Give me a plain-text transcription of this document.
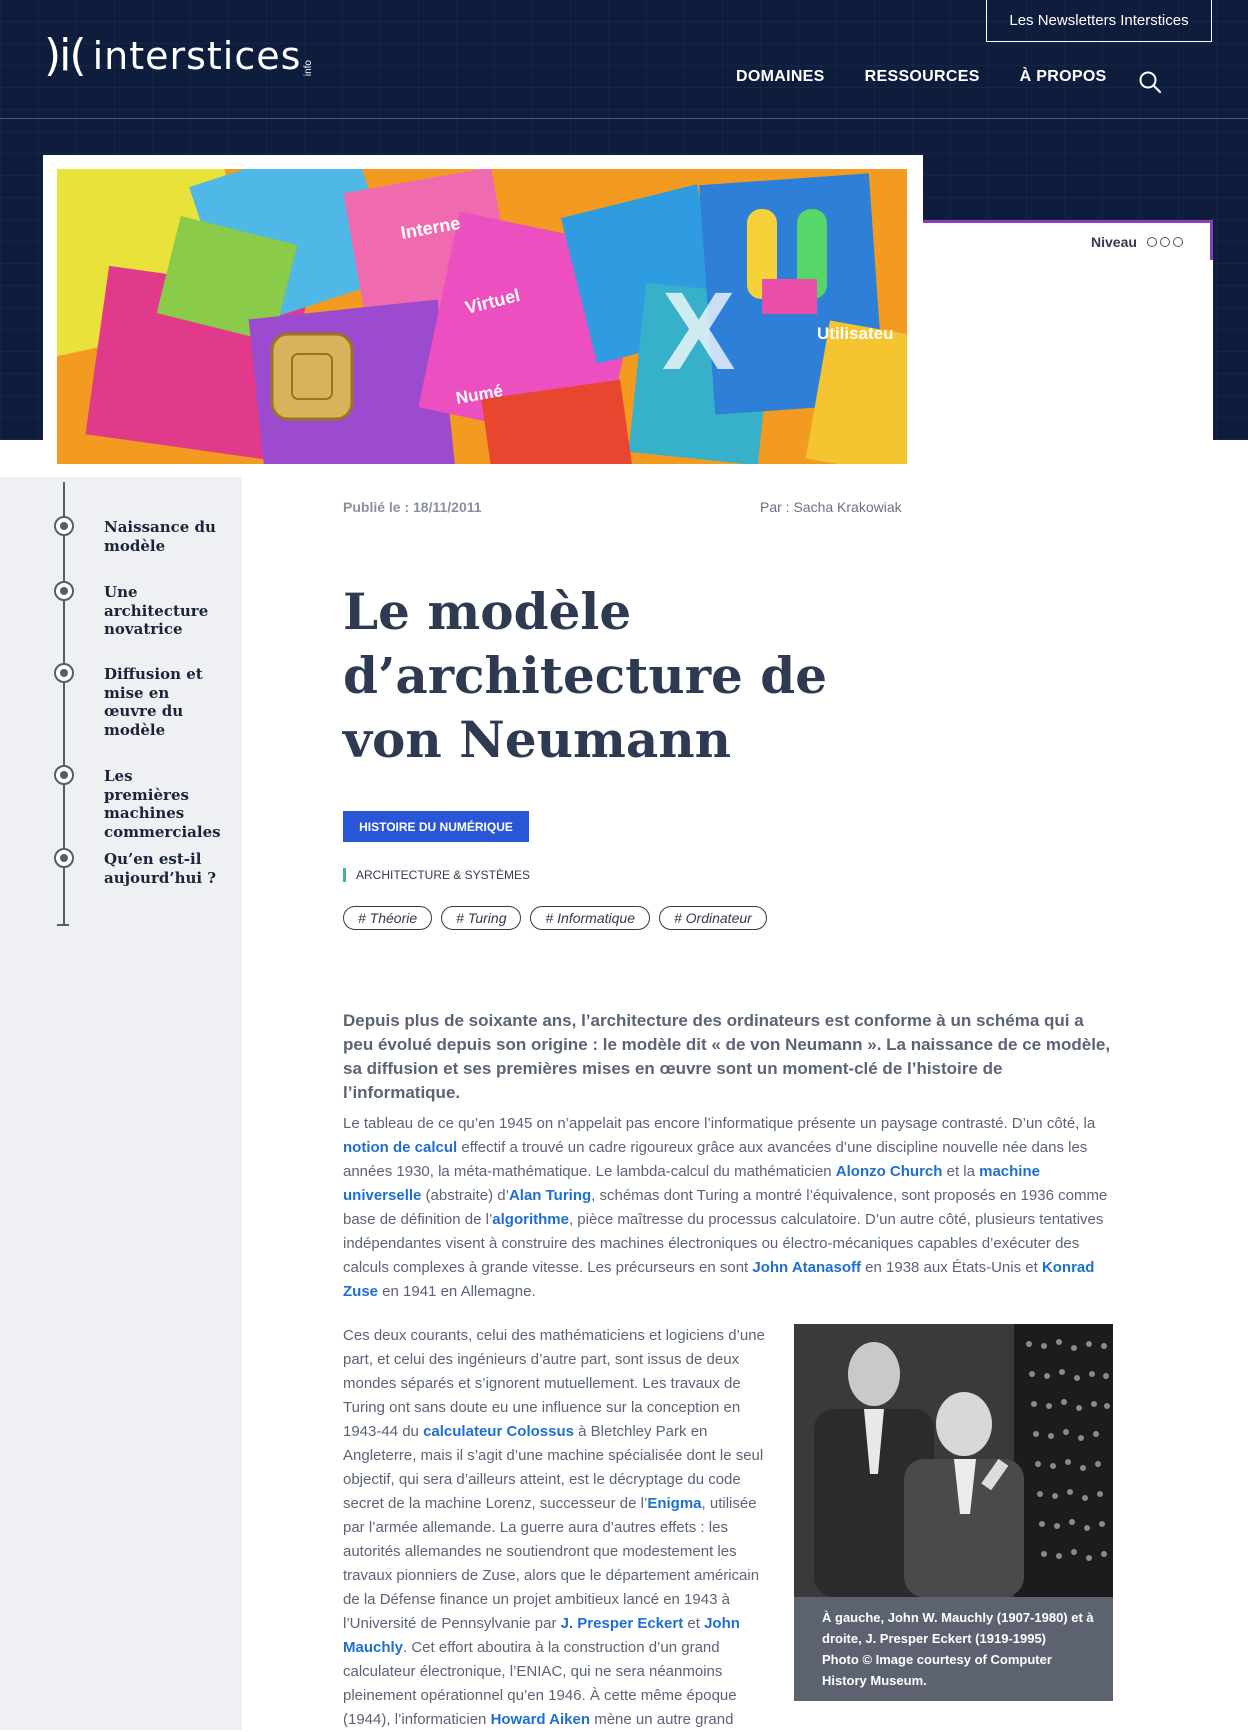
)i( interstices info
Les Newsletters Interstices
DOMAINES	RESSOURCES	À PROPOS
Niveau
Interne
Virtuel
Utilisateu
Numé
X
Naissance du modèle
Une architecture novatrice
Diffusion et mise en œuvre du modèle
Les premières machines commerciales
Qu’en est-il aujourd’hui ?
Publié le : 18/11/2011	Par : Sacha Krakowiak
Le modèle d’architecture de von Neumann
HISTOIRE DU NUMÉRIQUE
ARCHITECTURE & SYSTÈMES
# Théorie	# Turing	# Informatique	# Ordinateur

Depuis plus de soixante ans, l’architecture des ordinateurs est conforme à un schéma qui a peu évolué depuis son origine : le modèle dit « de von Neumann ». La naissance de ce modèle, sa diffusion et ses premières mises en œuvre sont un moment-clé de l’histoire de l’informatique.

Le tableau de ce qu’en 1945 on n’appelait pas encore l’informatique présente un paysage contrasté. D’un côté, la notion de calcul effectif a trouvé un cadre rigoureux grâce aux avancées d’une discipline nouvelle née dans les années 1930, la méta-mathématique. Le lambda-calcul du mathématicien Alonzo Church et la machine universelle (abstraite) d’Alan Turing, schémas dont Turing a montré l’équivalence, sont proposés en 1936 comme base de définition de l’algorithme, pièce maîtresse du processus calculatoire. D’un autre côté, plusieurs tentatives indépendantes visent à construire des machines électroniques ou électro-mécaniques capables d’exécuter des calculs complexes à grande vitesse. Les précurseurs en sont John Atanasoff en 1938 aux États-Unis et Konrad Zuse en 1941 en Allemagne.

Ces deux courants, celui des mathématiciens et logiciens d’une part, et celui des ingénieurs d’autre part, sont issus de deux mondes séparés et s’ignorent mutuellement. Les travaux de Turing ont sans doute eu une influence sur la conception en 1943-44 du calculateur Colossus à Bletchley Park en Angleterre, mais il s’agit d’une machine spécialisée dont le seul objectif, qui sera d’ailleurs atteint, est le décryptage du code secret de la machine Lorenz, successeur de l’Enigma, utilisée par l’armée allemande. La guerre aura d’autres effets : les autorités allemandes ne soutiendront que modestement les travaux pionniers de Zuse, alors que le département américain de la Défense finance un projet ambitieux lancé en 1943 à l’Université de Pennsylvanie par J. Presper Eckert et John Mauchly. Cet effort aboutira à la construction d’un grand calculateur électronique, l’ENIAC, qui ne sera néanmoins pleinement opérationnel qu’en 1946. À cette même époque (1944), l’informaticien Howard Aiken mène un autre grand

À gauche, John W. Mauchly (1907-1980) et à droite, J. Presper Eckert (1919-1995)
Photo © Image courtesy of Computer History Museum.
